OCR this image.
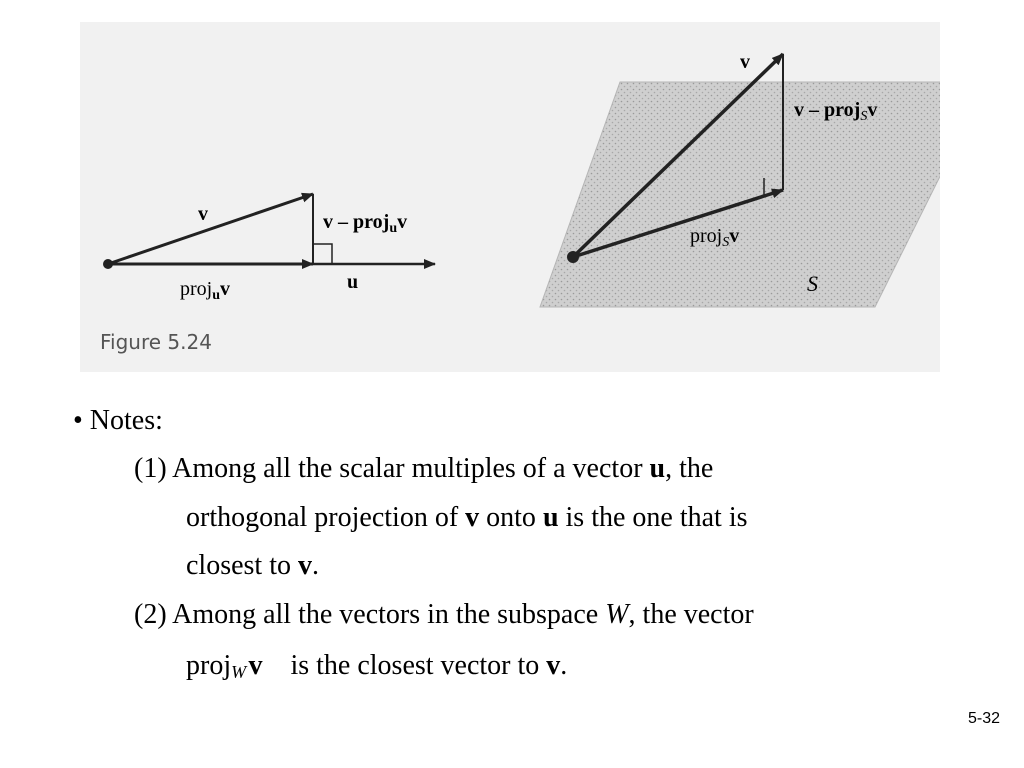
v
u
proj$_u$v
v – proj$_u$v
Figure 5.24
v
v – proj$_S$v
proj$_S$v
S
• Notes:
(1) Among all the scalar multiples of a vector u, the
orthogonal projection of v onto u is the one that is
closest to v.
(2) Among all the vectors in the subspace W, the vector
proj$_W$ v is the closest vector to v.
5-32
